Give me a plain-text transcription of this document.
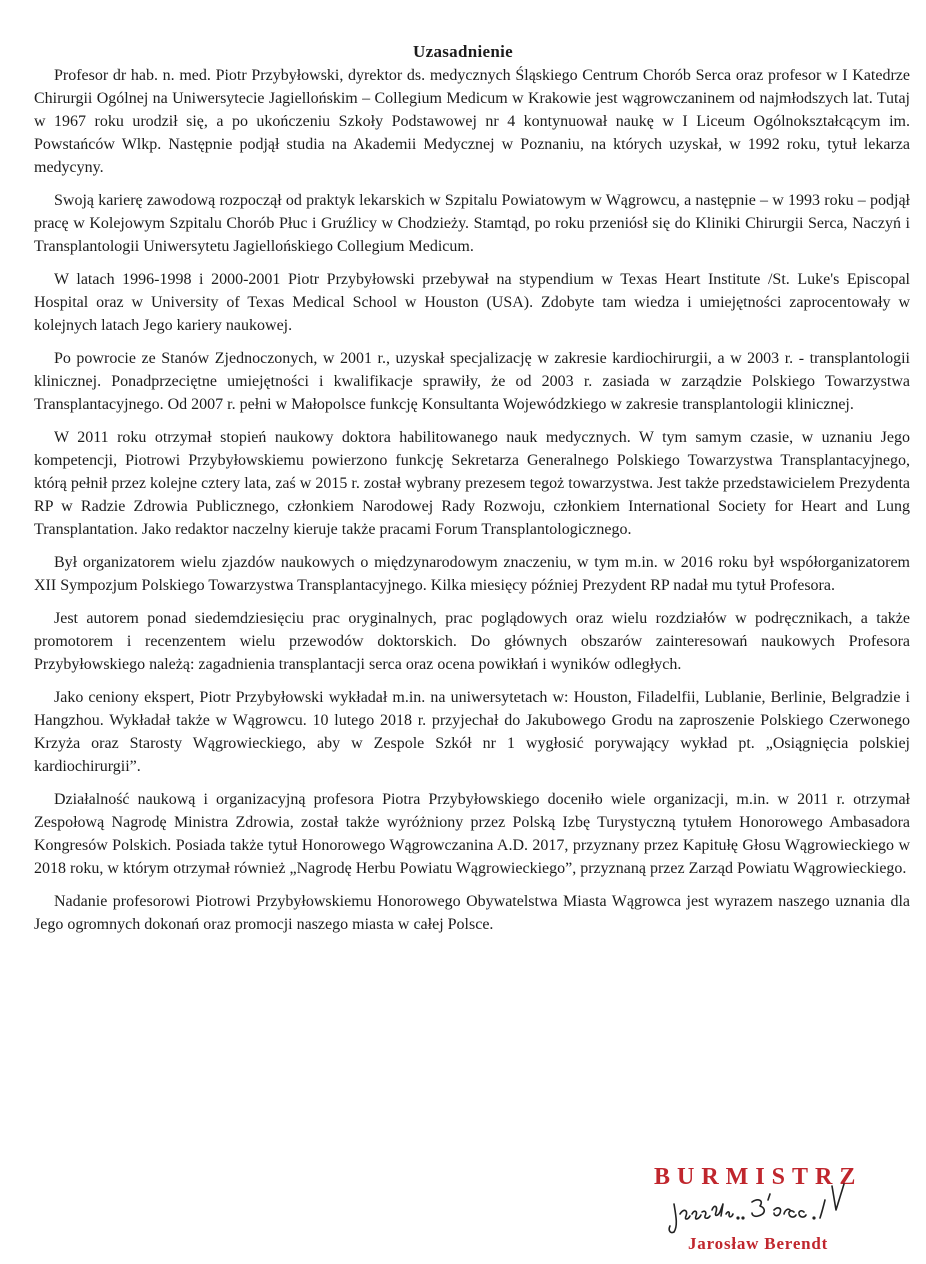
Uzasadnienie

Profesor dr hab. n. med. Piotr Przybyłowski, dyrektor ds. medycznych Śląskiego Centrum Chorób Serca oraz profesor w I Katedrze Chirurgii Ogólnej na Uniwersytecie Jagiellońskim – Collegium Medicum w Krakowie jest wągrowczaninem od najmłodszych lat. Tutaj w 1967 roku urodził się, a po ukończeniu Szkoły Podstawowej nr 4 kontynuował naukę w I Liceum Ogólnokształcącym im. Powstańców Wlkp. Następnie podjął studia na Akademii Medycznej w Poznaniu, na których uzyskał, w 1992 roku, tytuł lekarza medycyny.

Swoją karierę zawodową rozpoczął od praktyk lekarskich w Szpitalu Powiatowym w Wągrowcu, a następnie – w 1993 roku – podjął pracę w Kolejowym Szpitalu Chorób Płuc i Gruźlicy w Chodzieży. Stamtąd, po roku przeniósł się do Kliniki Chirurgii Serca, Naczyń i Transplantologii Uniwersytetu Jagiellońskiego Collegium Medicum.

W latach 1996-1998 i 2000-2001 Piotr Przybyłowski przebywał na stypendium w Texas Heart Institute /St. Luke's Episcopal Hospital oraz w University of Texas Medical School w Houston (USA). Zdobyte tam wiedza i umiejętności zaprocentowały w kolejnych latach Jego kariery naukowej.

Po powrocie ze Stanów Zjednoczonych, w 2001 r., uzyskał specjalizację w zakresie kardiochirurgii, a w 2003 r. - transplantologii klinicznej. Ponadprzeciętne umiejętności i kwalifikacje sprawiły, że od 2003 r. zasiada w zarządzie Polskiego Towarzystwa Transplantacyjnego. Od 2007 r. pełni w Małopolsce funkcję Konsultanta Wojewódzkiego w zakresie transplantologii klinicznej.

W 2011 roku otrzymał stopień naukowy doktora habilitowanego nauk medycznych. W tym samym czasie, w uznaniu Jego kompetencji, Piotrowi Przybyłowskiemu powierzono funkcję Sekretarza Generalnego Polskiego Towarzystwa Transplantacyjnego, którą pełnił przez kolejne cztery lata, zaś w 2015 r. został wybrany prezesem tegoż towarzystwa. Jest także przedstawicielem Prezydenta RP w Radzie Zdrowia Publicznego, członkiem Narodowej Rady Rozwoju, członkiem International Society for Heart and Lung Transplantation. Jako redaktor naczelny kieruje także pracami Forum Transplantologicznego.

Był organizatorem wielu zjazdów naukowych o międzynarodowym znaczeniu, w tym m.in. w 2016 roku był współorganizatorem XII Sympozjum Polskiego Towarzystwa Transplantacyjnego. Kilka miesięcy później Prezydent RP nadał mu tytuł Profesora.

Jest autorem ponad siedemdziesięciu prac oryginalnych, prac poglądowych oraz wielu rozdziałów w podręcznikach, a także promotorem i recenzentem wielu przewodów doktorskich. Do głównych obszarów zainteresowań naukowych Profesora Przybyłowskiego należą: zagadnienia transplantacji serca oraz ocena powikłań i wyników odległych.

Jako ceniony ekspert, Piotr Przybyłowski wykładał m.in. na uniwersytetach w: Houston, Filadelfii, Lublanie, Berlinie, Belgradzie i Hangzhou. Wykładał także w Wągrowcu. 10 lutego 2018 r. przyjechał do Jakubowego Grodu na zaproszenie Polskiego Czerwonego Krzyża oraz Starosty Wągrowieckiego, aby w Zespole Szkół nr 1 wygłosić porywający wykład pt. „Osiągnięcia polskiej kardiochirurgii”.

Działalność naukową i organizacyjną profesora Piotra Przybyłowskiego doceniło wiele organizacji, m.in. w 2011 r. otrzymał Zespołową Nagrodę Ministra Zdrowia, został także wyróżniony przez Polską Izbę Turystyczną tytułem Honorowego Ambasadora Kongresów Polskich. Posiada także tytuł Honorowego Wągrowczanina A.D. 2017, przyznany przez Kapitułę Głosu Wągrowieckiego w 2018 roku, w którym otrzymał również „Nagrodę Herbu Powiatu Wągrowieckiego”, przyznaną przez Zarząd Powiatu Wągrowieckiego.

Nadanie profesorowi Piotrowi Przybyłowskiemu Honorowego Obywatelstwa Miasta Wągrowca jest wyrazem naszego uznania dla Jego ogromnych dokonań oraz promocji naszego miasta w całej Polsce.

BURMISTRZ
Jarosław Berendt
